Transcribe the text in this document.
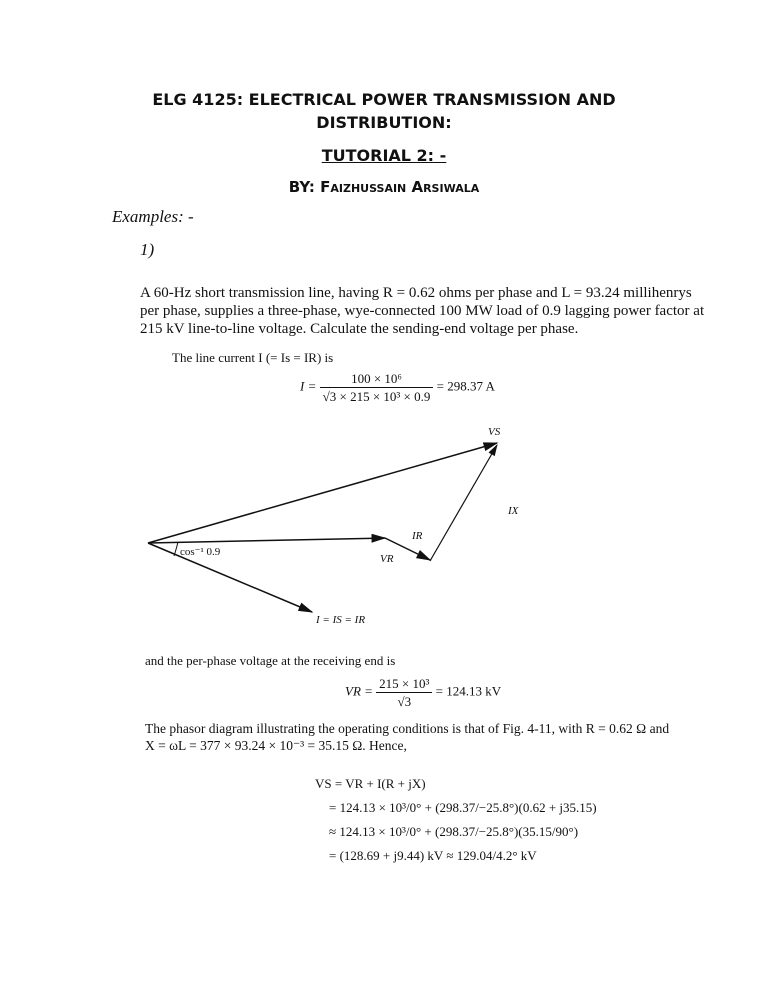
ELG 4125: ELECTRICAL POWER TRANSMISSION AND
DISTRIBUTION:
TUTORIAL 2: -
BY: Faizhussain Arsiwala
Examples: -
1)
A 60-Hz short transmission line, having R = 0.62 ohms per phase and L = 93.24 millihenrys
per phase, supplies a three-phase, wye-connected 100 MW load of 0.9 lagging power factor at
215 kV line-to-line voltage. Calculate the sending-end voltage per phase.
The line current I (= Is = IR) is
$I = \frac{\text{100 × 10⁶}}{\text{√3 × 215 × 10³ × 0.9}} = 298.37$ A
VS
IX
IR
VR
cos⁻¹ 0.9
I = IS = IR
and the per-phase voltage at the receiving end is
VR = $\frac{\text{215 × 10³}}{√3} = 124.13$ kV
The phasor diagram illustrating the operating conditions is that of Fig. 4-11, with R = 0.62 Ω and
X = ωL = 377 × 93.24 × 10⁻³ = 35.15 Ω. Hence,
VS = VR + I(R + jX)
= 124.13 × 10³/0° + (298.37/−25.8°)(0.62 + j35.15)
≈ 124.13 × 10³/0° + (298.37/−25.8°)(35.15/90°)
= (128.69 + j9.44) kV ≈ 129.04/4.2° kV
